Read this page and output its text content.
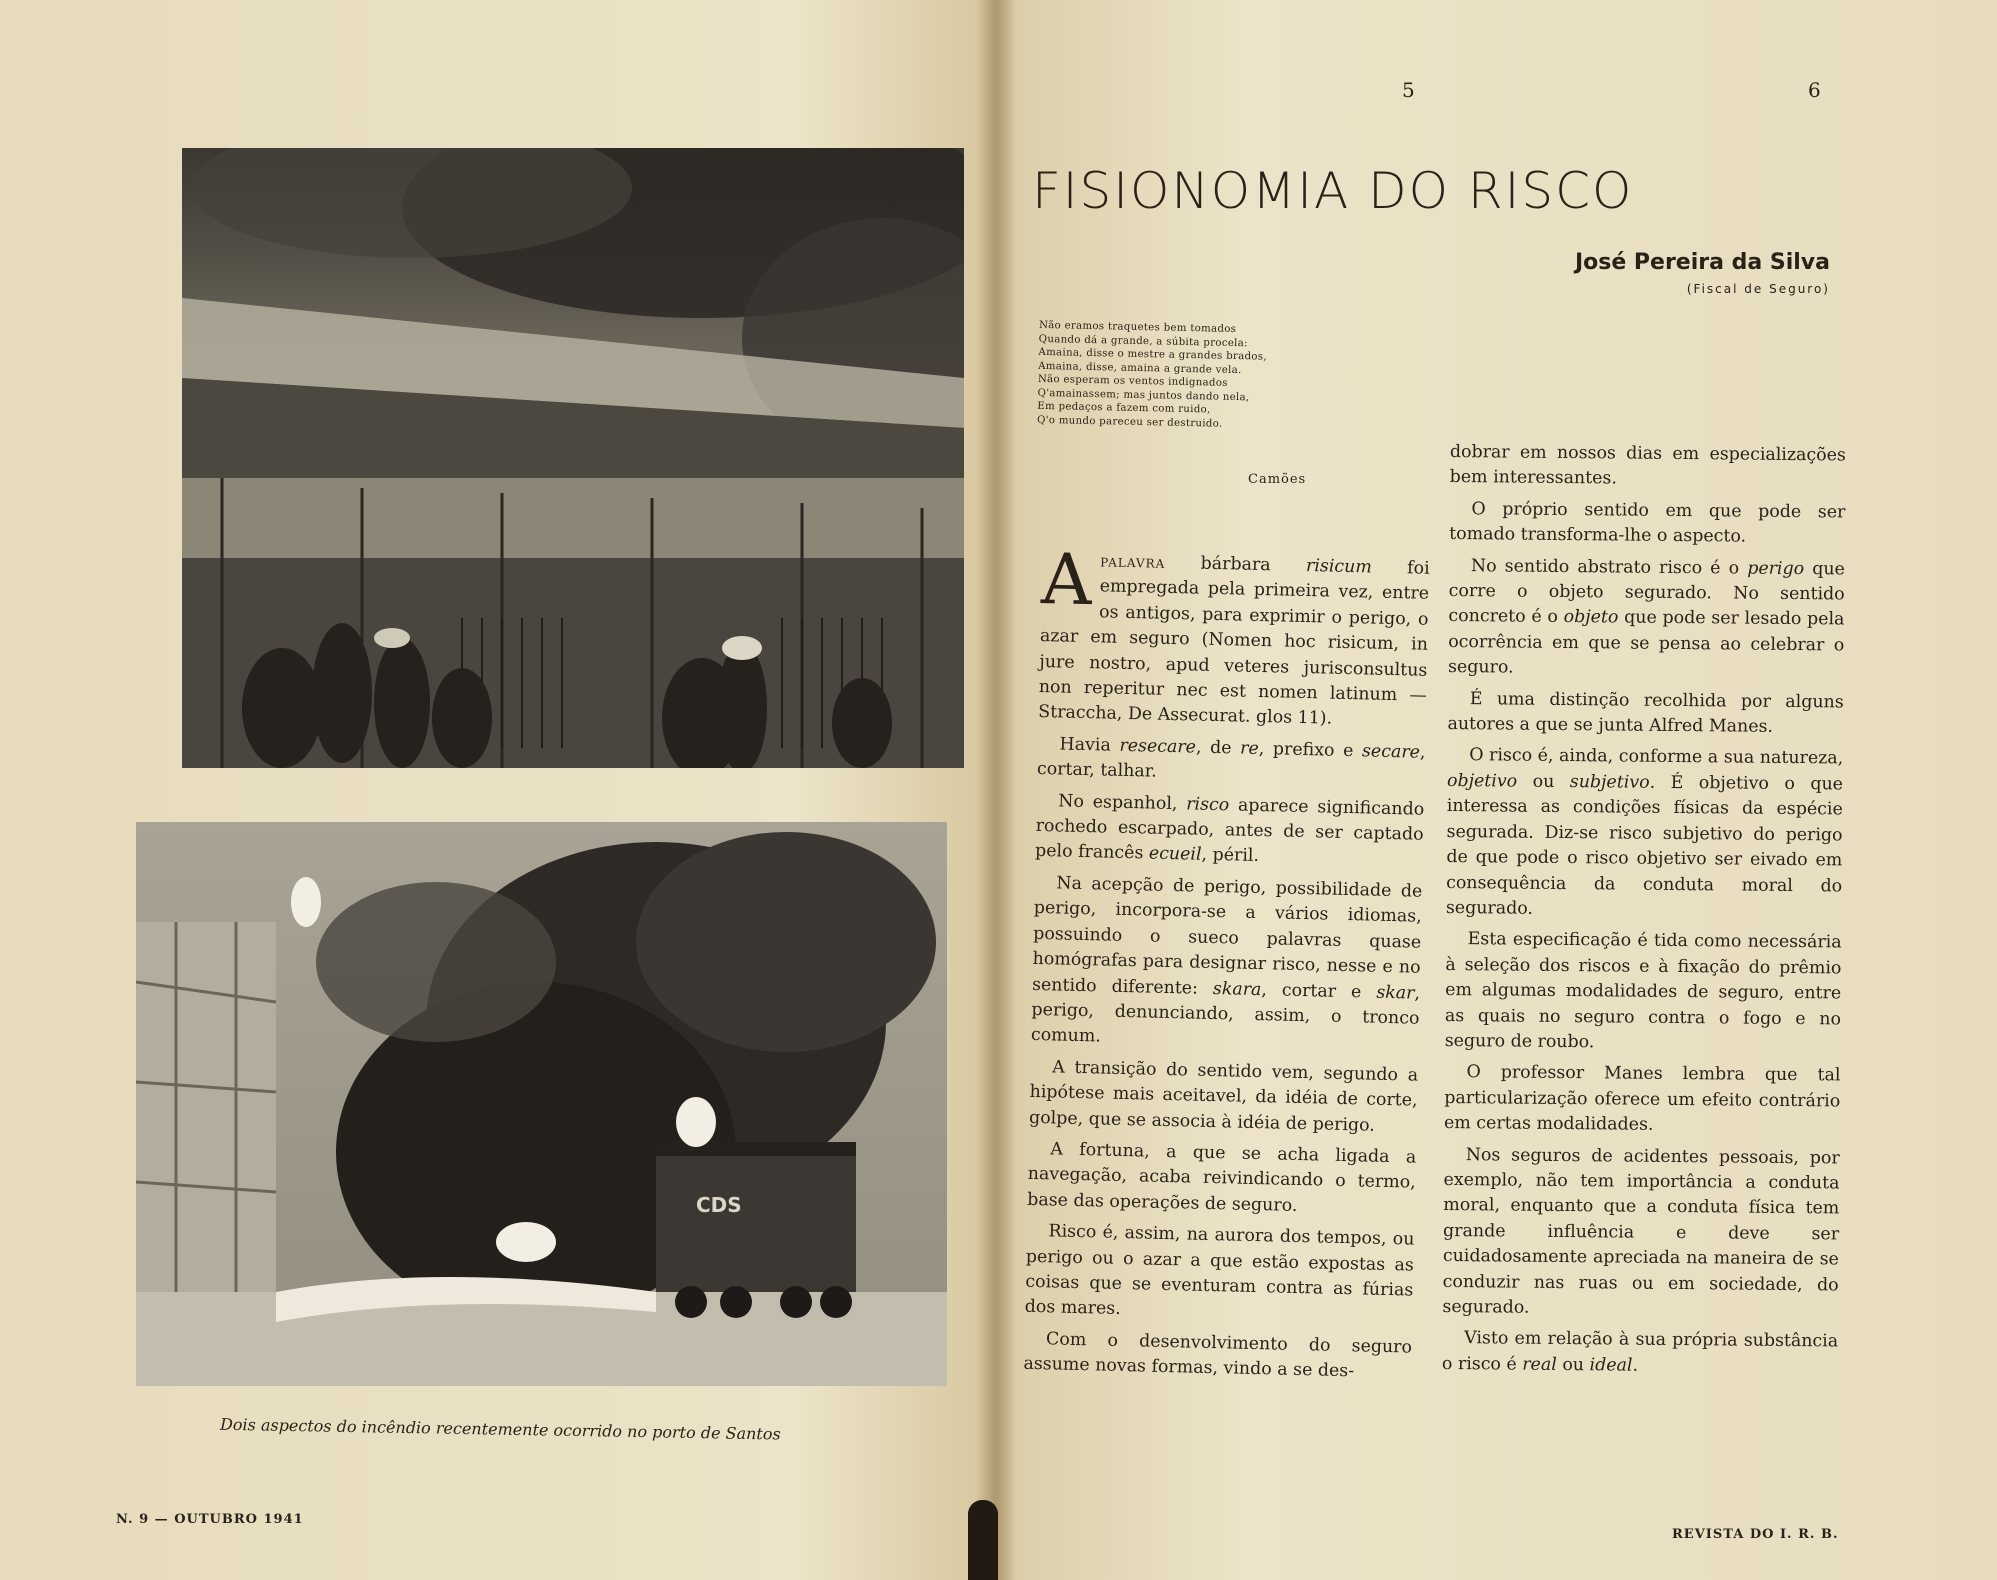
CDS
Dois aspectos do incêndio recentemente ocorrido no porto de Santos
N. 9 — OUTUBRO 1941
5	6
FISIONOMIA DO RISCO
José Pereira da Silva
(Fiscal de Seguro)
Não eramos traquetes bem tomados
Quando dá a grande, a súbita procela:
Amaina, disse o mestre a grandes brados,
Amaina, disse, amaina a grande vela.
Não esperam os ventos indignados
Q'amainassem; mas juntos dando nela,
Em pedaços a fazem com ruido,
Q'o mundo pareceu ser destruido.
Camões

Apalavra bárbara risicum foi empregada pela primeira vez, entre os antigos, para exprimir o perigo, o azar em seguro (Nomen hoc risicum, in jure nostro, apud veteres jurisconsultus non reperitur nec est nomen latinum — Straccha, De Assecurat. glos 11).

Havia resecare, de re, prefixo e secare, cortar, talhar.

No espanhol, risco aparece significando rochedo escarpado, antes de ser captado pelo francês ecueil, péril.

Na acepção de perigo, possibilidade de perigo, incorpora-se a vários idiomas, possuindo o sueco palavras quase homógrafas para designar risco, nesse e no sentido diferente: skara, cortar e skar, perigo, denunciando, assim, o tronco comum.

A transição do sentido vem, segundo a hipótese mais aceitavel, da idéia de corte, golpe, que se associa à idéia de perigo.

A fortuna, a que se acha ligada a navegação, acaba reivindicando o termo, base das operações de seguro.

Risco é, assim, na aurora dos tempos, ou perigo ou o azar a que estão expostas as coisas que se eventuram contra as fúrias dos mares.

Com o desenvolvimento do seguro assume novas formas, vindo a se des-

dobrar em nossos dias em especializações bem interessantes.

O próprio sentido em que pode ser tomado transforma-lhe o aspecto.

No sentido abstrato risco é o perigo que corre o objeto segurado. No sentido concreto é o objeto que pode ser lesado pela ocorrência em que se pensa ao celebrar o seguro.

É uma distinção recolhida por alguns autores a que se junta Alfred Manes.

O risco é, ainda, conforme a sua natureza, objetivo ou subjetivo. É objetivo o que interessa as condições físicas da espécie segurada. Diz-se risco subjetivo do perigo de que pode o risco objetivo ser eivado em consequência da conduta moral do segurado.

Esta especificação é tida como necessária à seleção dos riscos e à fixação do prêmio em algumas modalidades de seguro, entre as quais no seguro contra o fogo e no seguro de roubo.

O professor Manes lembra que tal particularização oferece um efeito contrário em certas modalidades.

Nos seguros de acidentes pessoais, por exemplo, não tem importância a conduta moral, enquanto que a conduta física tem grande influência e deve ser cuidadosamente apreciada na maneira de se conduzir nas ruas ou em sociedade, do segurado.

Visto em relação à sua própria substância o risco é real ou ideal.

REVISTA DO I. R. B.
